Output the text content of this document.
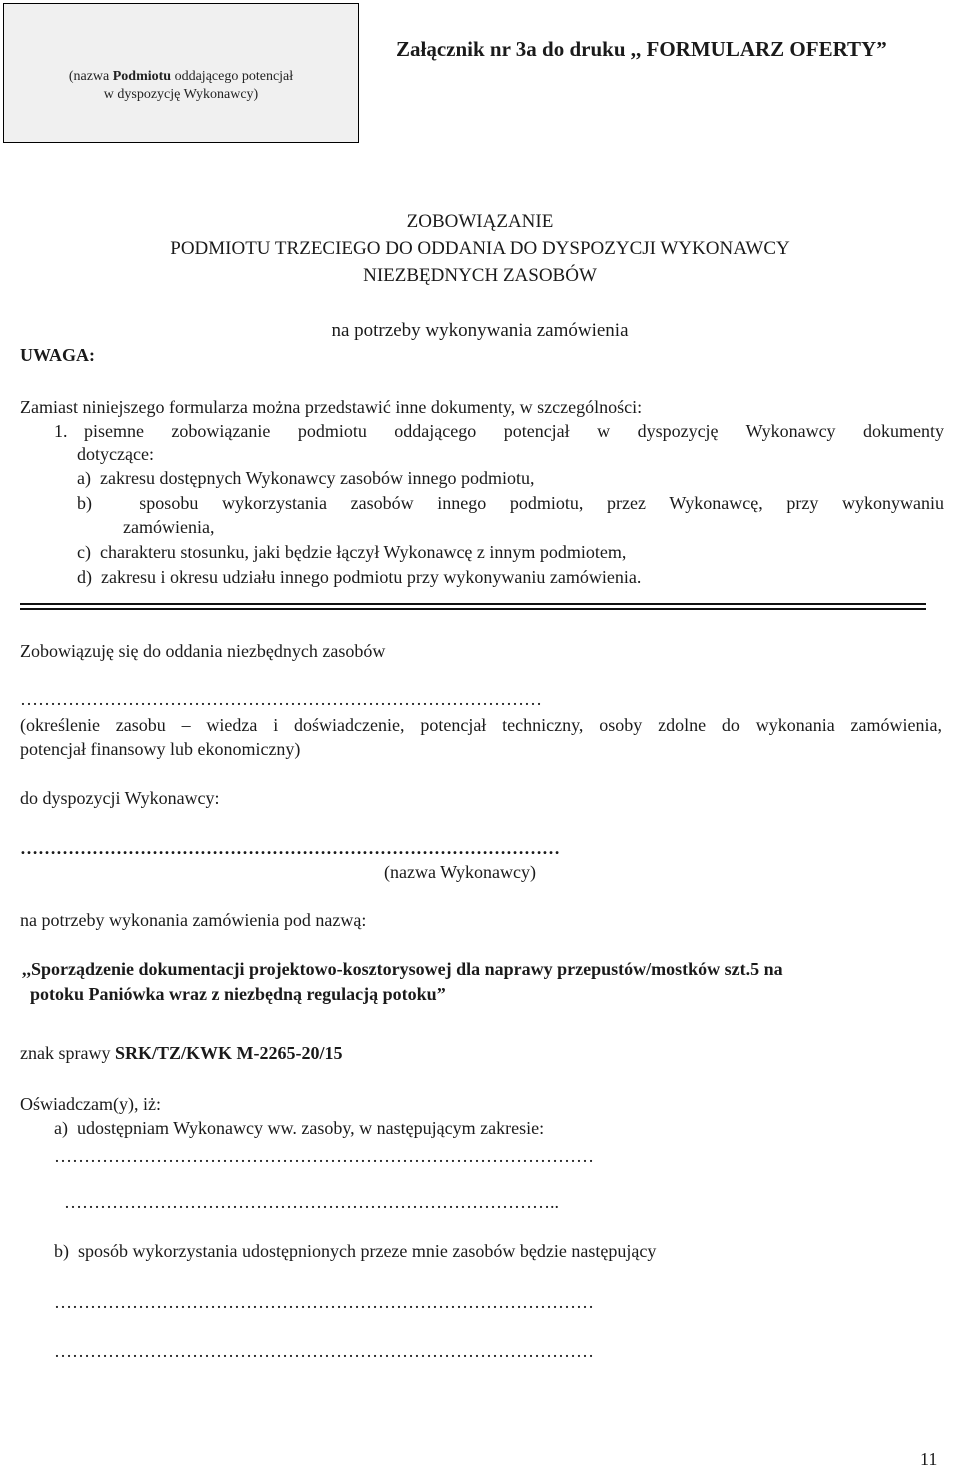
(nazwa Podmiotu oddającego potencjał
w dyspozycję Wykonawcy)
Załącznik nr 3a do druku ,, FORMULARZ OFERTY”
ZOBOWIĄZANIE
PODMIOTU TRZECIEGO DO ODDANIA DO DYSPOZYCJI WYKONAWCY
NIEZBĘDNYCH ZASOBÓW
na potrzeby wykonywania zamówienia
UWAGA:
Zamiast niniejszego formularza można przedstawić inne dokumenty, w szczególności:
1. pisemne zobowiązanie podmiotu oddającego potencjał w dyspozycję Wykonawcy dokumenty
dotyczące:
a)  zakresu dostępnych Wykonawcy zasobów innego podmiotu,
b)  sposobu wykorzystania zasobów innego podmiotu, przez Wykonawcę, przy wykonywaniu
zamówienia,
c)  charakteru stosunku, jaki będzie łączył Wykonawcę z innym podmiotem,
d)  zakresu i okresu udziału innego podmiotu przy wykonywaniu zamówienia.
Zobowiązuję się do oddania niezbędnych zasobów
……………………………………………………………………………
(określenie zasobu – wiedza i doświadczenie, potencjał techniczny, osoby zdolne do wykonania zamówienia,
potencjał finansowy lub ekonomiczny)
do dyspozycji Wykonawcy:
………………………………………………………………………………
(nazwa Wykonawcy)
na potrzeby wykonania zamówienia pod nazwą:
,,Sporządzenie dokumentacji projektowo-kosztorysowej dla naprawy przepustów/mostków szt.5 na
potoku Paniówka wraz z niezbędną regulacją potoku”
znak sprawy SRK/TZ/KWK M-2265-20/15
Oświadczam(y), iż:
a)  udostępniam Wykonawcy ww. zasoby, w następującym zakresie:
………………………………………………………………………………
………………………………………………………………………..
b)  sposób wykorzystania udostępnionych przeze mnie zasobów będzie następujący
………………………………………………………………………………
………………………………………………………………………………
11
